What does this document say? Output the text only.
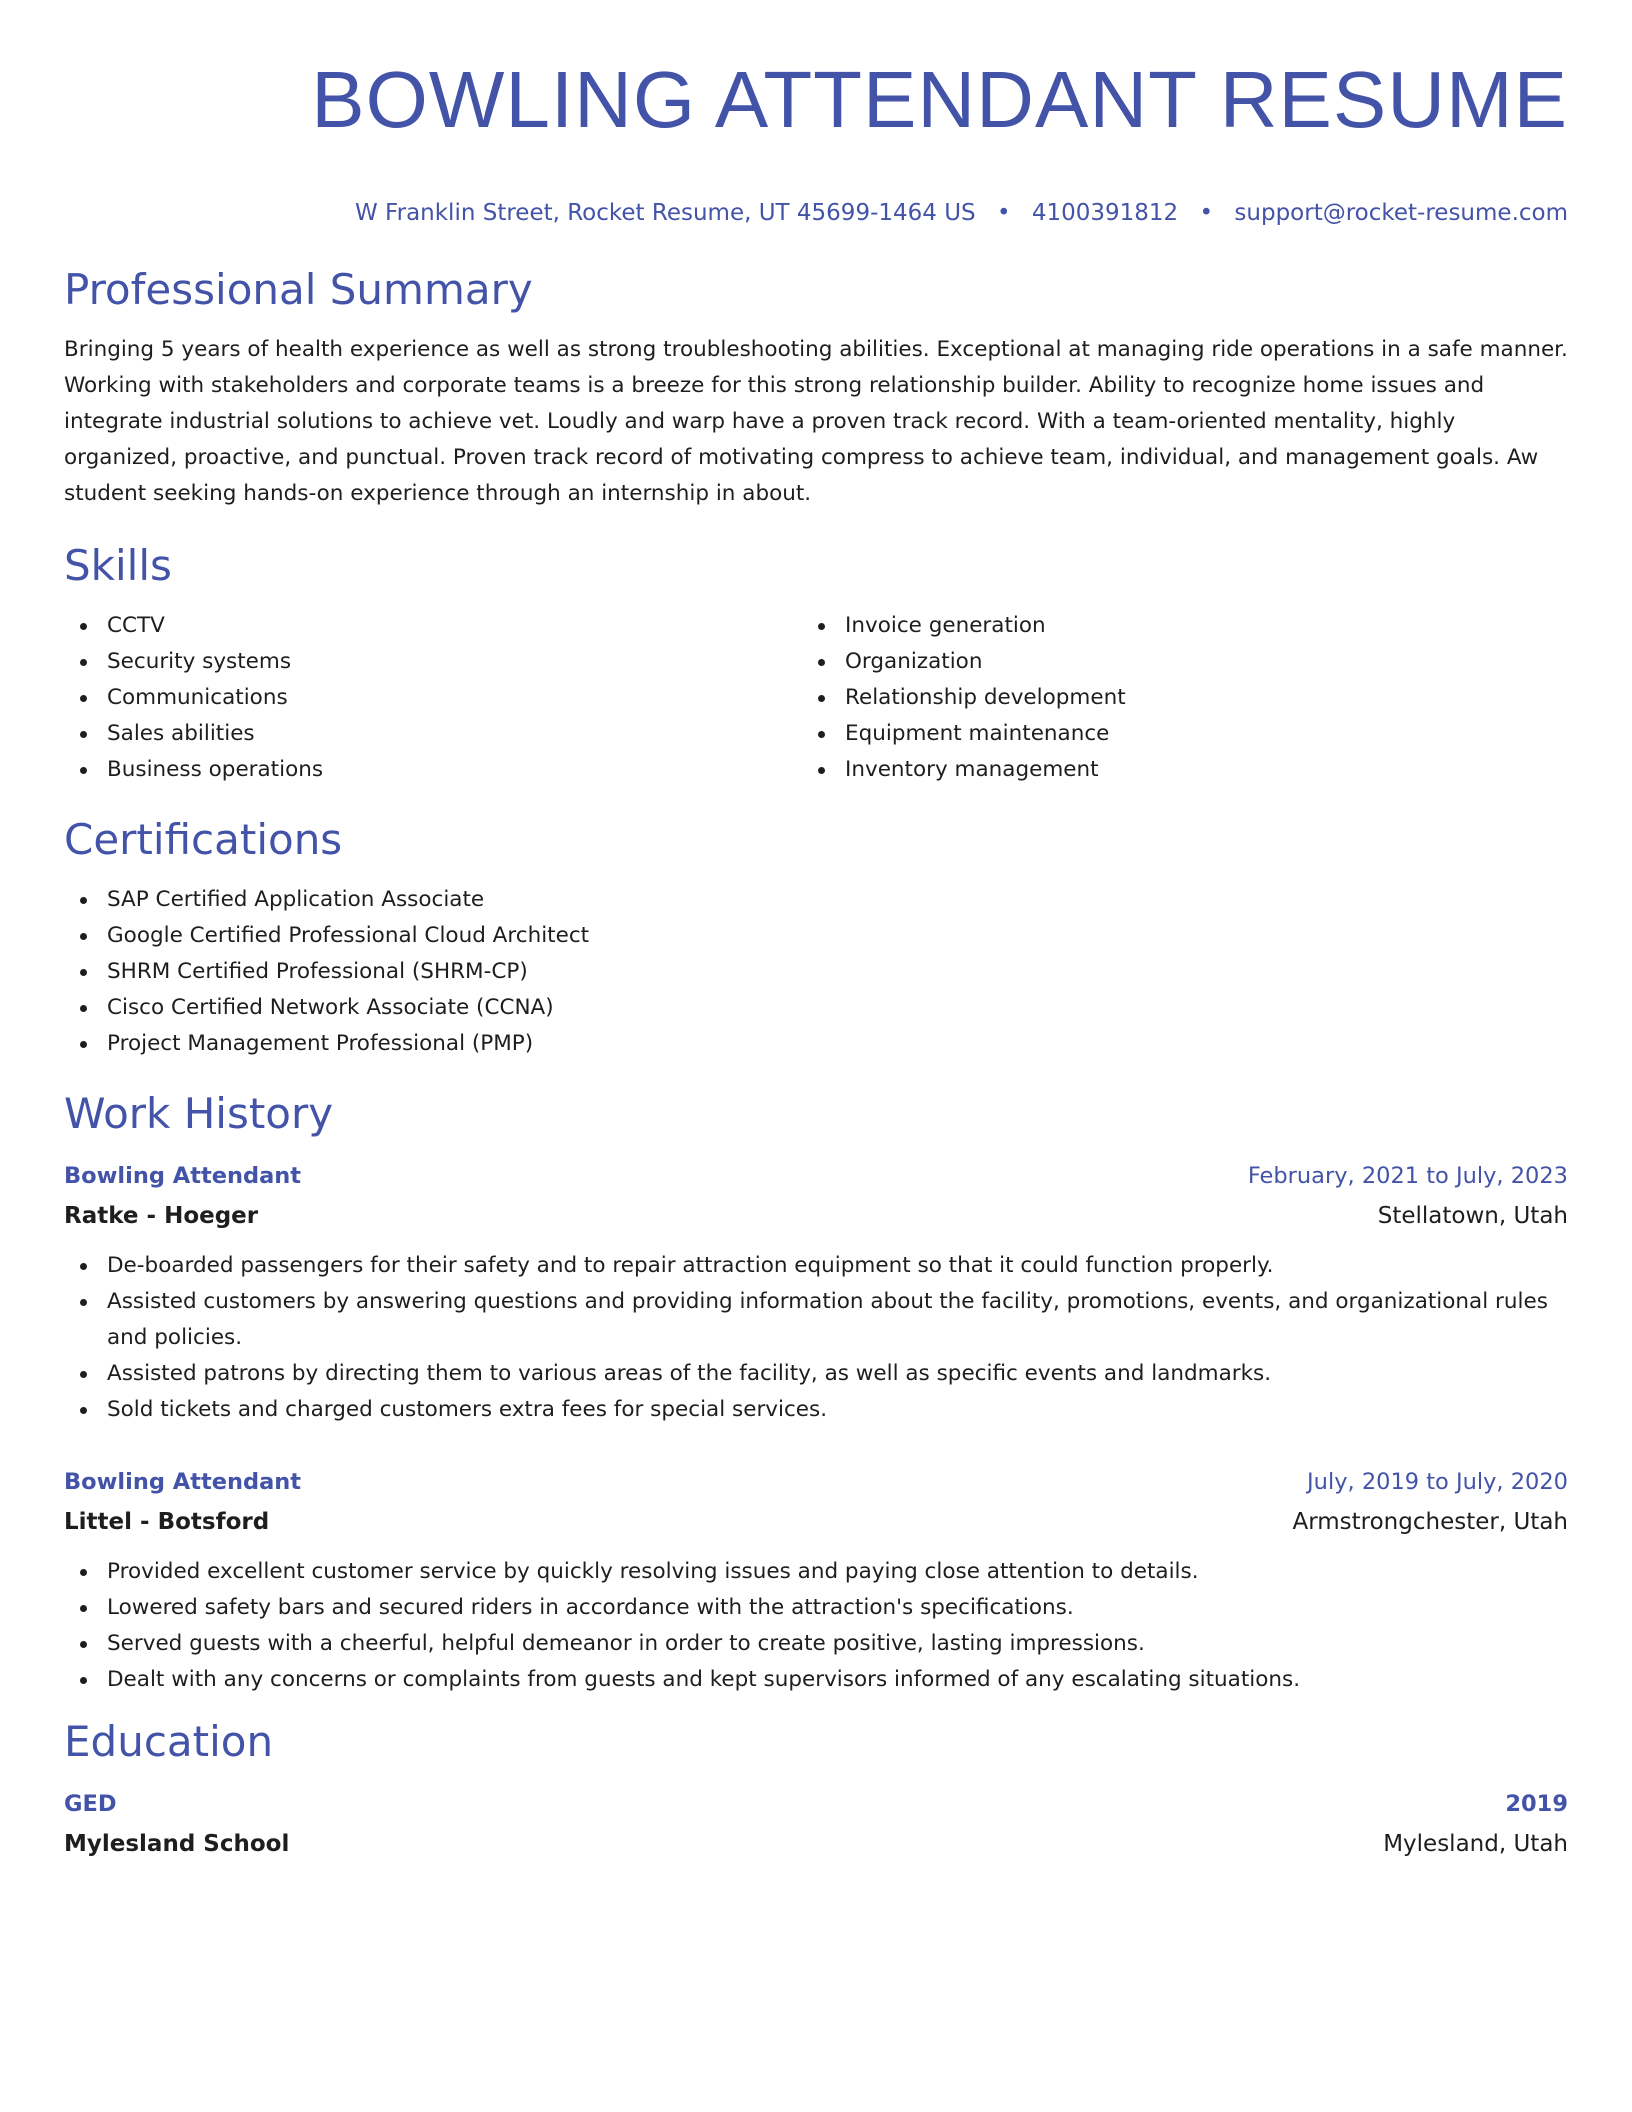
BOWLING ATTENDANT RESUME
W Franklin Street, Rocket Resume, UT 45699-1464 US • 4100391812 • support@rocket-resume.com
Professional Summary

Bringing 5 years of health experience as well as strong troubleshooting abilities. Exceptional at managing ride operations in a safe manner. Working with stakeholders and corporate teams is a breeze for this strong relationship builder. Ability to recognize home issues and integrate industrial solutions to achieve vet. Loudly and warp have a proven track record. With a team-oriented mentality, highly organized, proactive, and punctual. Proven track record of motivating compress to achieve team, individual, and management goals. Aw student seeking hands-on experience through an internship in about.

Skills
CCTV
Security systems
Communications
Sales abilities
Business operations
Invoice generation
Organization
Relationship development
Equipment maintenance
Inventory management
Certifications
SAP Certified Application Associate
Google Certified Professional Cloud Architect
SHRM Certified Professional (SHRM-CP)
Cisco Certified Network Associate (CCNA)
Project Management Professional (PMP)
Work History
Bowling Attendant	February, 2021 to July, 2023
Ratke - Hoeger	Stellatown, Utah
De-boarded passengers for their safety and to repair attraction equipment so that it could function properly.
Assisted customers by answering questions and providing information about the facility, promotions, events, and organizational rules and policies.
Assisted patrons by directing them to various areas of the facility, as well as specific events and landmarks.
Sold tickets and charged customers extra fees for special services.
Bowling Attendant	July, 2019 to July, 2020
Littel - Botsford	Armstrongchester, Utah
Provided excellent customer service by quickly resolving issues and paying close attention to details.
Lowered safety bars and secured riders in accordance with the attraction's specifications.
Served guests with a cheerful, helpful demeanor in order to create positive, lasting impressions.
Dealt with any concerns or complaints from guests and kept supervisors informed of any escalating situations.
Education
GED	2019
Mylesland School	Mylesland, Utah
